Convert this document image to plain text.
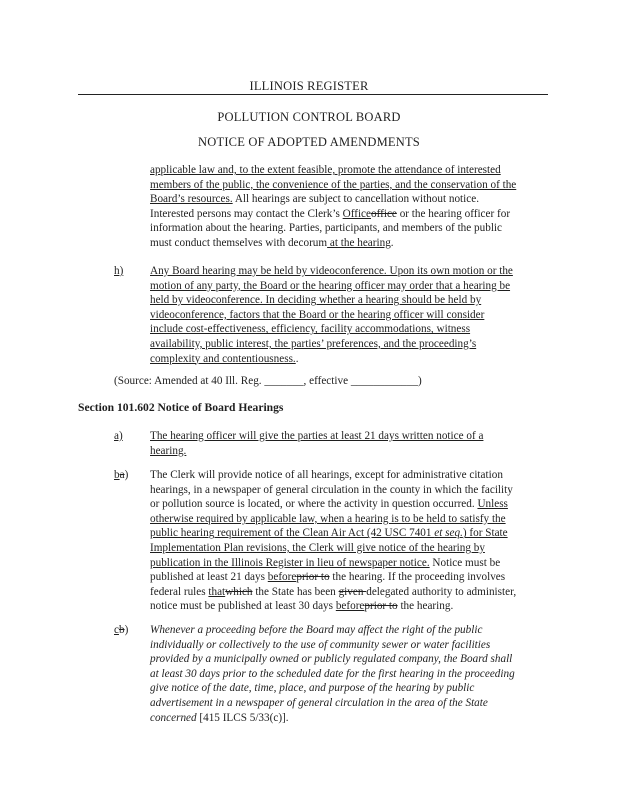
ILLINOIS REGISTER
POLLUTION CONTROL BOARD
NOTICE OF ADOPTED AMENDMENTS
applicable law and, to the extent feasible, promote the attendance of interested
members of the public, the convenience of the parties, and the conservation of the
Board’s resources. All hearings are subject to cancellation without notice.
Interested persons may contact the Clerk’s Officeoffice or the hearing officer for
information about the hearing. Parties, participants, and members of the public
must conduct themselves with decorum at the hearing.
h) Any Board hearing may be held by videoconference. Upon its own motion or the
motion of any party, the Board or the hearing officer may order that a hearing be
held by videoconference. In deciding whether a hearing should be held by
videoconference, factors that the Board or the hearing officer will consider
include cost-effectiveness, efficiency, facility accommodations, witness
availability, public interest, the parties’ preferences, and the proceeding’s
complexity and contentiousness..
(Source: Amended at 40 Ill. Reg. _______, effective ____________)
Section 101.602 Notice of Board Hearings
a) The hearing officer will give the parties at least 21 days written notice of a
hearing.
ba) The Clerk will provide notice of all hearings, except for administrative citation
hearings, in a newspaper of general circulation in the county in which the facility
or pollution source is located, or where the activity in question occurred. Unless
otherwise required by applicable law, when a hearing is to be held to satisfy the
public hearing requirement of the Clean Air Act (42 USC 7401 et seq.) for State
Implementation Plan revisions, the Clerk will give notice of the hearing by
publication in the Illinois Register in lieu of newspaper notice. Notice must be
published at least 21 days beforeprior to the hearing. If the proceeding involves
federal rules thatwhich the State has been given delegated authority to administer,
notice must be published at least 30 days beforeprior to the hearing.
cb) Whenever a proceeding before the Board may affect the right of the public
individually or collectively to the use of community sewer or water facilities
provided by a municipally owned or publicly regulated company, the Board shall
at least 30 days prior to the scheduled date for the first hearing in the proceeding
give notice of the date, time, place, and purpose of the hearing by public
advertisement in a newspaper of general circulation in the area of the State
concerned [415 ILCS 5/33(c)].
